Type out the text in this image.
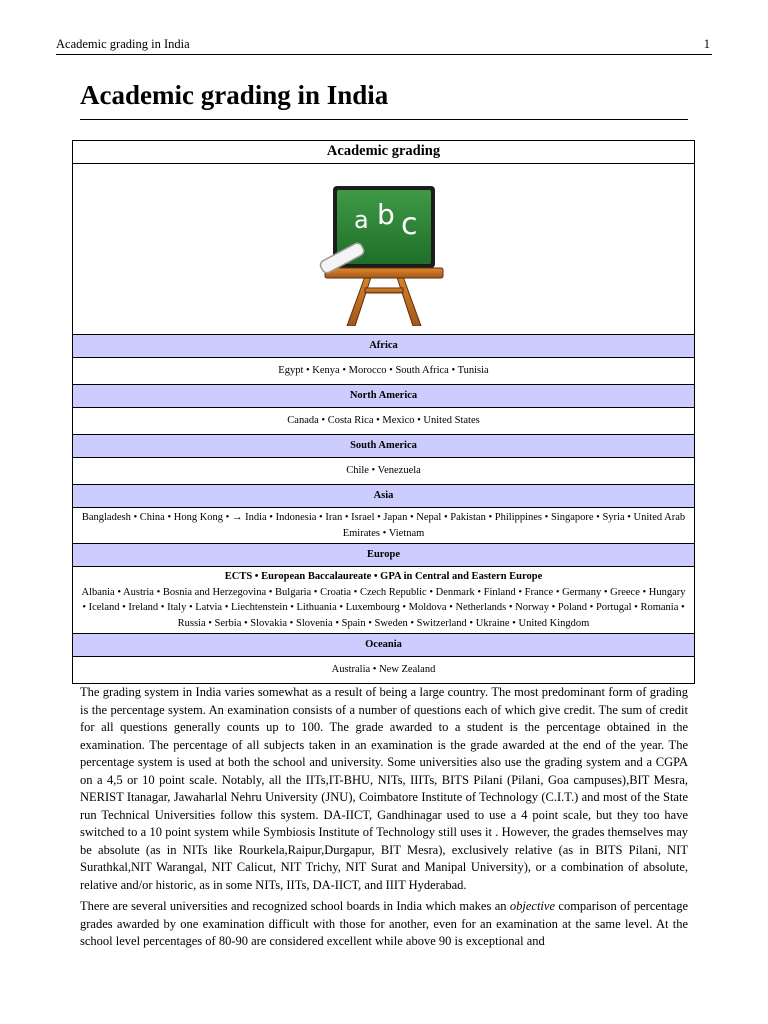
Academic grading in India	1
Academic grading in India
Academic grading

a b c

Africa
Egypt • Kenya • Morocco • South Africa • Tunisia
North America
Canada • Costa Rica • Mexico • United States
South America
Chile • Venezuela
Asia
Bangladesh • China • Hong Kong • → India • Indonesia • Iran • Israel • Japan • Nepal • Pakistan • Philippines • Singapore • Syria • United Arab Emirates • Vietnam
Europe

ECTS • European Baccalaureate • GPA in Central and Eastern Europe
Albania • Austria • Bosnia and Herzegovina • Bulgaria • Croatia • Czech Republic • Denmark • Finland • France • Germany • Greece • Hungary • Iceland • Ireland • Italy • Latvia • Liechtenstein • Lithuania • Luxembourg • Moldova • Netherlands • Norway • Poland • Portugal • Romania • Russia • Serbia • Slovakia • Slovenia • Spain • Sweden • Switzerland • Ukraine • United Kingdom

Oceania
Australia • New Zealand

The grading system in India varies somewhat as a result of being a large country. The most predominant form of grading is the percentage system. An examination consists of a number of questions each of which give credit. The sum of credit for all questions generally counts up to 100. The grade awarded to a student is the percentage obtained in the examination. The percentage of all subjects taken in an examination is the grade awarded at the end of the year. The percentage system is used at both the school and university. Some universities also use the grading system and a CGPA on a 4,5 or 10 point scale. Notably, all the IITs,IT-BHU, NITs, IIITs, BITS Pilani (Pilani, Goa campuses),BIT Mesra, NERIST Itanagar, Jawaharlal Nehru University (JNU), Coimbatore Institute of Technology (C.I.T.) and most of the State run Technical Universities follow this system. DA-IICT, Gandhinagar used to use a 4 point scale, but they too have switched to a 10 point system while Symbiosis Institute of Technology still uses it . However, the grades themselves may be absolute (as in NITs like Rourkela,Raipur,Durgapur, BIT Mesra), exclusively relative (as in BITS Pilani, NIT Surathkal,NIT Warangal, NIT Calicut, NIT Trichy, NIT Surat and Manipal University), or a combination of absolute, relative and/or historic, as in some NITs, IITs, DA-IICT, and IIIT Hyderabad.

There are several universities and recognized school boards in India which makes an objective comparison of percentage grades awarded by one examination difficult with those for another, even for an examination at the same level. At the school level percentages of 80-90 are considered excellent while above 90 is exceptional and
